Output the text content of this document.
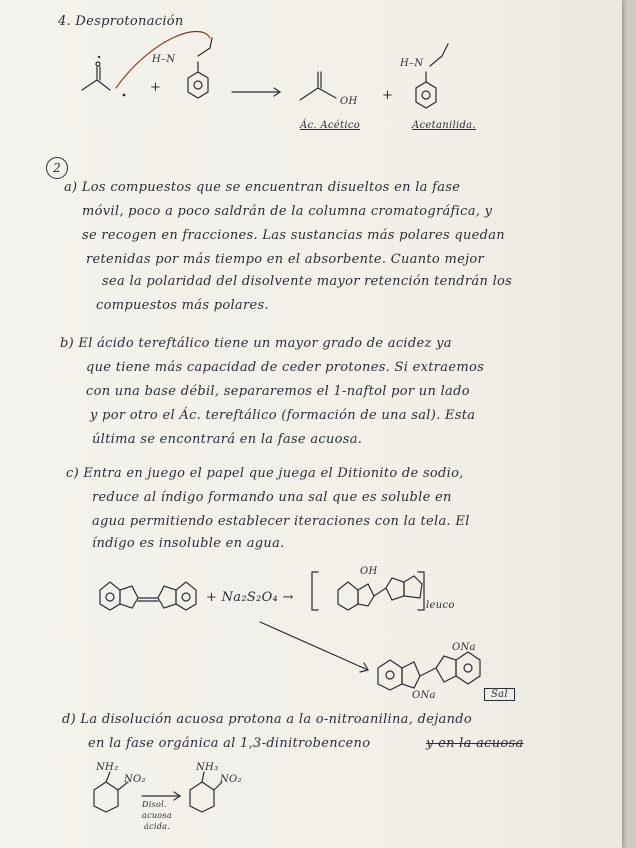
4. Desprotonación
H–N
+
OH +
H–N
Ác. Acético	Acetanilida.
2
a) Los compuestos que se encuentran disueltos en la fase
móvil, poco a poco saldrán de la columna cromatográfica, y
se recogen en fracciones. Las sustancias más polares quedan
retenidas por más tiempo en el absorbente. Cuanto mejor
sea la polaridad del disolvente mayor retención tendrán los
compuestos más polares.
b) El ácido tereftálico tiene un mayor grado de acidez ya
que tiene más capacidad de ceder protones. Si extraemos
con una base débil, separaremos el 1-naftol por un lado
y por otro el Ác. tereftálico (formación de una sal). Esta
última se encontrará en la fase acuosa.
c) Entra en juego el papel que juega el Ditionito de sodio,
reduce al índigo formando una sal que es soluble en
agua permitiendo establecer iteraciones con la tela. El
índigo es insoluble en agua.
+ Na₂S₂O₄ →
leuco
OH
ONa
ONa	Sal
d) La disolución acuosa protona a la o-nitroanilina, dejando
en la fase orgánica al 1,3-dinitrobenceno	y en la acuosa
NH₂
NO₂
NH₃
NO₂
Disol.
acuosa
ácida.
